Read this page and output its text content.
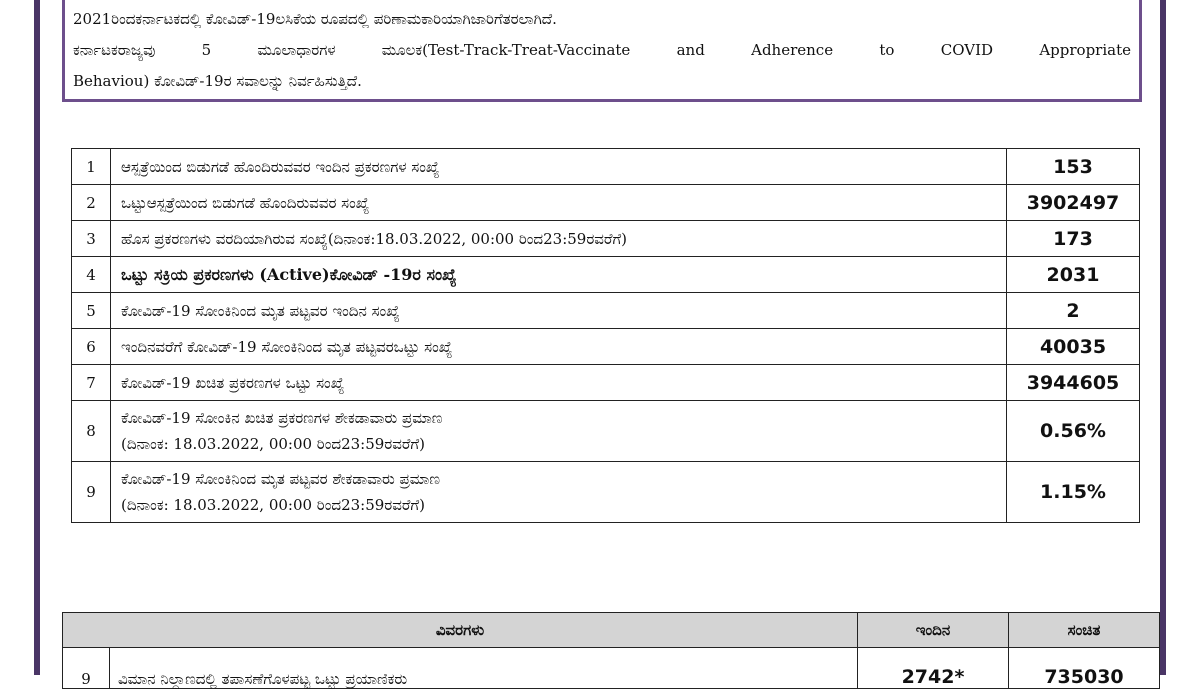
2021ರಿಂದಕರ್ನಾಟಕದಲ್ಲಿ ಕೋವಿಡ್-19ಲಸಿಕೆಯ ರೂಪದಲ್ಲಿ ಪರಿಣಾಮಕಾರಿಯಾಗಿಜಾರಿಗೆತರಲಾಗಿದೆ.

ಕರ್ನಾಟಕರಾಜ್ಯವು 5 ಮೂಲಾಧಾರಗಳ ಮೂಲಕ(Test-Track-Treat-Vaccinate and Adherence to COVID Appropriate

Behaviou) ಕೋವಿಡ್-19ರ ಸವಾಲನ್ನು ನಿರ್ವಹಿಸುತ್ತಿದೆ.

1	ಆಸ್ಪತ್ರೆಯಿಂದ ಬಿಡುಗಡೆ ಹೊಂದಿರುವವರ ಇಂದಿನ ಪ್ರಕರಣಗಳ ಸಂಖ್ಯೆ	153
2	ಒಟ್ಟುಆಸ್ಪತ್ರೆಯಿಂದ ಬಿಡುಗಡೆ ಹೊಂದಿರುವವರ ಸಂಖ್ಯೆ	3902497
3	ಹೊಸ ಪ್ರಕರಣಗಳು ವರದಿಯಾಗಿರುವ ಸಂಖ್ಯೆ(ದಿನಾಂಕ:18.03.2022, 00:00 ರಿಂದ23:59ರವರೆಗೆ)	173
4	ಒಟ್ಟು ಸಕ್ರಿಯ ಪ್ರಕರಣಗಳು (Active)ಕೋವಿಡ್ -19ರ ಸಂಖ್ಯೆ	2031
5	ಕೋವಿಡ್-19 ಸೋಂಕಿನಿಂದ ಮೃತ ಪಟ್ಟವರ ಇಂದಿನ ಸಂಖ್ಯೆ	2
6	ಇಂದಿನವರೆಗೆ ಕೋವಿಡ್-19 ಸೋಂಕಿನಿಂದ ಮೃತ ಪಟ್ಟವರಒಟ್ಟು ಸಂಖ್ಯೆ	40035
7	ಕೋವಿಡ್-19 ಖಚಿತ ಪ್ರಕರಣಗಳ ಒಟ್ಟು ಸಂಖ್ಯೆ	3944605
8	ಕೋವಿಡ್-19 ಸೋಂಕಿನ ಖಚಿತ ಪ್ರಕರಣಗಳ ಶೇಕಡಾವಾರು ಪ್ರಮಾಣ
(ದಿನಾಂಕ: 18.03.2022, 00:00 ರಿಂದ23:59ರವರೆಗೆ)	0.56%
9	ಕೋವಿಡ್-19 ಸೋಂಕಿನಿಂದ ಮೃತ ಪಟ್ಟವರ ಶೇಕಡಾವಾರು ಪ್ರಮಾಣ
(ದಿನಾಂಕ: 18.03.2022, 00:00 ರಿಂದ23:59ರವರೆಗೆ)	1.15%
ವಿವರಗಳು		ಇಂದಿನ	ಸಂಚಿತ
9	ವಿಮಾನ ನಿಲ್ದಾಣದಲ್ಲಿ ತಪಾಸಣೆಗೊಳಪಟ್ಟ ಒಟ್ಟು ಪ್ರಯಾಣಿಕರು	2742*	735030
